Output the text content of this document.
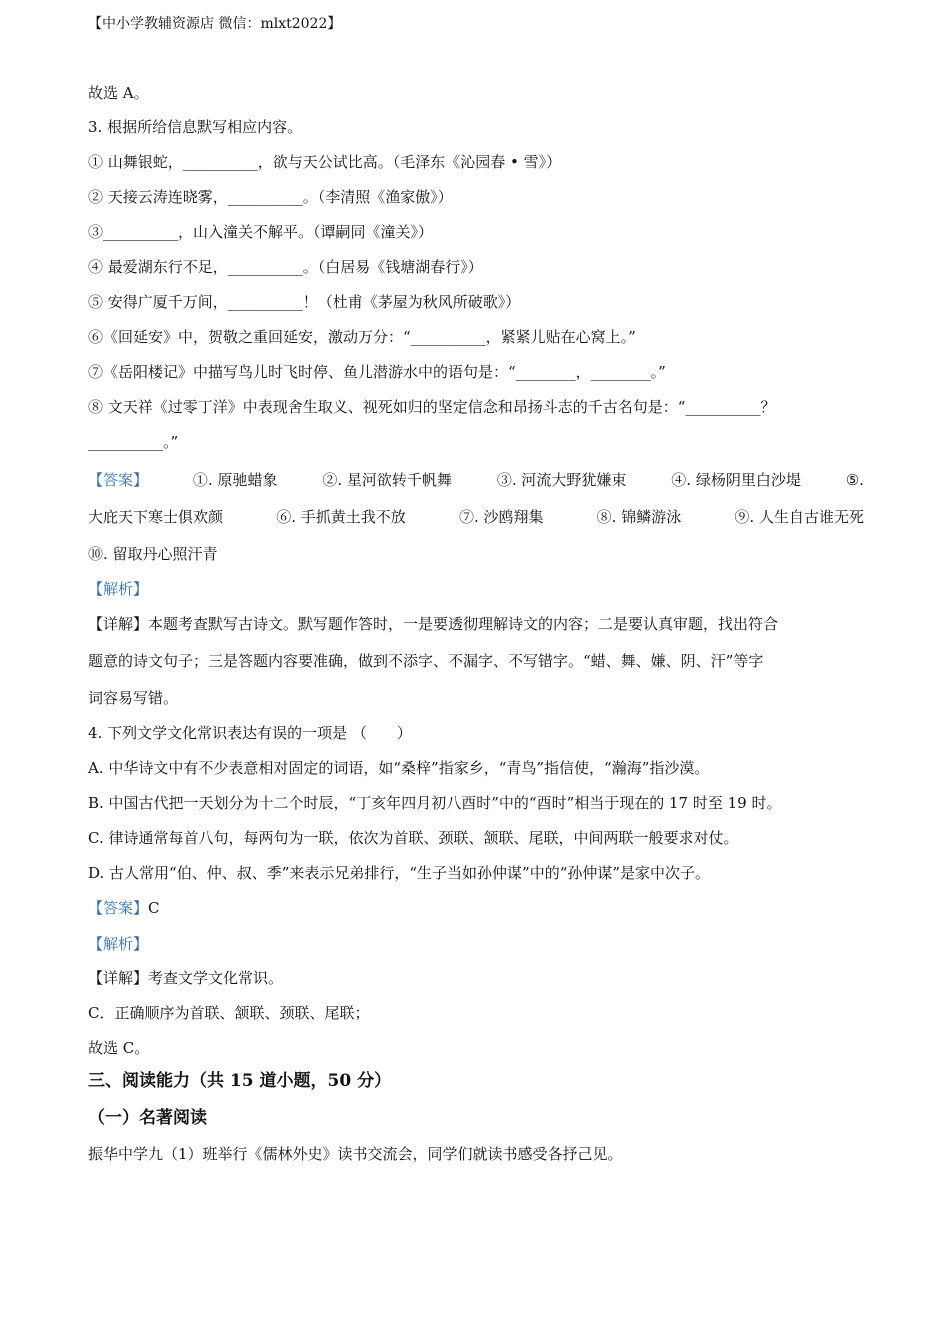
【中小学教辅资源店 微信：mlxt2022】
故选 A。
3. 根据所给信息默写相应内容。
① 山舞银蛇，__________，欲与天公试比高。（毛泽东《沁园春 • 雪》）
② 天接云涛连晓雾，__________。（李清照《渔家傲》）
③__________，山入潼关不解平。（谭嗣同《潼关》）
④ 最爱湖东行不足，__________。（白居易《钱塘湖春行》）
⑤ 安得广厦千万间，__________！（杜甫《茅屋为秋风所破歌》）
⑥《回延安》中，贺敬之重回延安，激动万分：“__________，紧紧儿贴在心窝上。”
⑦《岳阳楼记》中描写鸟儿时飞时停、鱼儿潜游水中的语句是：“________，________。”
⑧ 文天祥《过零丁洋》中表现舍生取义、视死如归的坚定信念和昂扬斗志的千古名句是：“__________？
__________。”
【答案】	①. 原驰蜡象	②. 星河欲转千帆舞	③. 河流大野犹嫌束	④. 绿杨阴里白沙堤	⑤.
大庇天下寒士俱欢颜	⑥. 手抓黄土我不放	⑦. 沙鸥翔集	⑧. 锦鳞游泳	⑨. 人生自古谁无死
⑩. 留取丹心照汗青
【解析】
【详解】本题考查默写古诗文。默写题作答时，一是要透彻理解诗文的内容；二是要认真审题，找出符合
题意的诗文句子；三是答题内容要准确，做到不添字、不漏字、不写错字。“蜡、舞、嫌、阴、汗”等字
词容易写错。
4. 下列文学文化常识表达有误的一项是 （　　）
A. 中华诗文中有不少表意相对固定的词语，如“桑梓”指家乡，“青鸟”指信使，“瀚海”指沙漠。
B. 中国古代把一天划分为十二个时辰，“丁亥年四月初八酉时”中的“酉时”相当于现在的 17 时至 19 时。
C. 律诗通常每首八句，每两句为一联，依次为首联、颈联、颔联、尾联，中间两联一般要求对仗。
D. 古人常用“伯、仲、叔、季”来表示兄弟排行，“生子当如孙仲谋”中的“孙仲谋”是家中次子。
【答案】C
【解析】
【详解】考查文学文化常识。
C．正确顺序为首联、颔联、颈联、尾联；
故选 C。
三、阅读能力（共 15 道小题，50 分）
（一）名著阅读
振华中学九（1）班举行《儒林外史》读书交流会，同学们就读书感受各抒己见。
